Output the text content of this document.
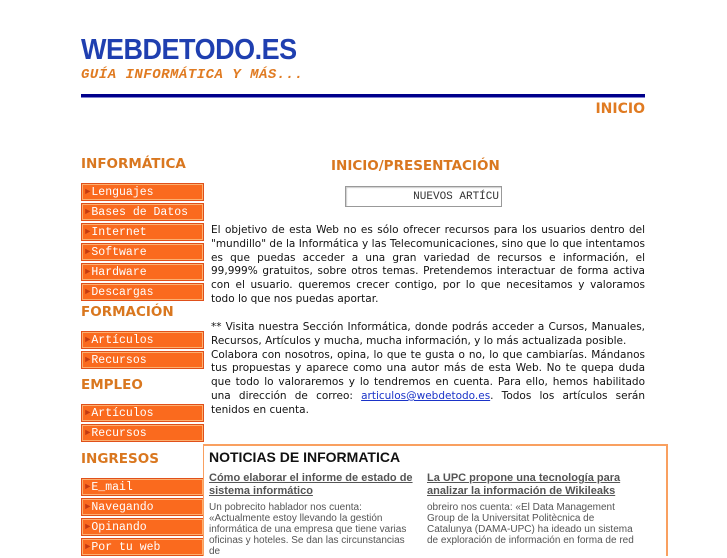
WEBDETODO.ES
GUÍA INFORMÁTICA Y MÁS...
INICIO
INFORMÁTICA
► Lenguajes
► Bases de Datos
► Internet
► Software
► Hardware
► Descargas
FORMACIÓN
► Artículos
► Recursos
EMPLEO
► Artículos
► Recursos
INGRESOS
► E_mail
► Navegando
► Opinando
► Por tu web
INICIO/PRESENTACIÓN
NUEVOS ARTÍCU
El objetivo de esta Web no es sólo ofrecer recursos para los usuarios dentro del "mundillo" de la Informática y las Telecomunicaciones, sino que lo que intentamos es que puedas acceder a una gran variedad de recursos e información, el 99,999% gratuitos, sobre otros temas. Pretendemos interactuar de forma activa con el usuario. queremos crecer contigo, por lo que necesitamos y valoramos todo lo que nos puedas aportar.
** Visita nuestra Sección Informática, donde podrás acceder a Cursos, Manuales, Recursos, Artículos y mucha, mucha información, y lo más actualizada posible.
Colabora con nosotros, opina, lo que te gusta o no, lo que cambiarías. Mándanos tus propuestas y aparece como una autor más de esta Web. No te quepa duda que todo lo valoraremos y lo tendremos en cuenta. Para ello, hemos habilitado una dirección de correo: articulos@webdetodo.es. Todos los artículos serán tenidos en cuenta.
NOTICIAS DE INFORMATICA
Cómo elaborar el informe de estado de sistema informático
Un pobrecito hablador nos cuenta: «Actualmente estoy llevando la gestión informática de una empresa que tiene varias oficinas y hoteles. Se dan las circunstancias de
La UPC propone una tecnología para analizar la información de Wikileaks
obreiro nos cuenta: «El Data Management Group de la Universitat Politècnica de Catalunya (DAMA-UPC) ha ideado un sistema de exploración de información en forma de red
